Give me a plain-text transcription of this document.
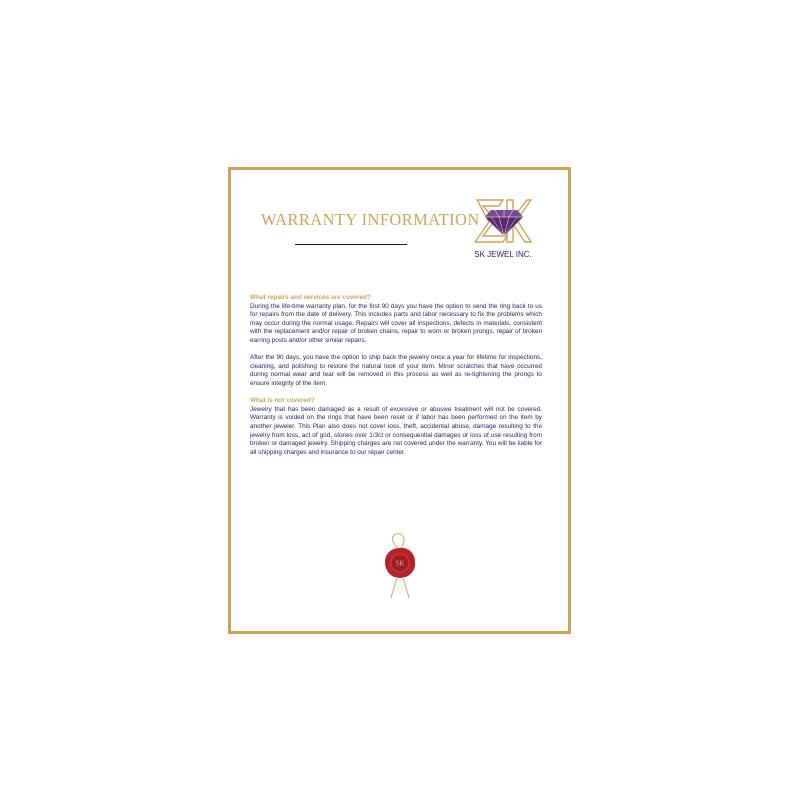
WARRANTY INFORMATION
SK JEWEL INC.
What repairs and services are covered?

During the life-time warranty plan, for the first 90 days you have the option to send the ring back to us for repairs from the date of delivery. This includes parts and labor necessary to fix the problems which may occur during the normal usage. Repairs will cover all inspections, defects in materials, consistent with the replacement and/or repair of broken chains, repair to worn or broken prongs, repair of broken earring posts and/or other similar repairs.

After the 90 days, you have the option to ship back the jewelry once a year for lifetime for inspections, cleaning, and polishing to restore the natural look of your item. Minor scratches that have occurred during normal wear and tear will be removed in this process as well as re-tightening the prongs to ensure integrity of the item.

What is not covered?

Jewelry that has been damaged as a result of excessive or abusive treatment will not be covered. Warranty is voided on the rings that have been reset or if labor has been performed on the item by another jeweler. This Plan also does not cover loss, theft, accidental abuse, damage resulting to the jewelry from loss, act of god, stones over 1/3ct or consequential damages or loss of use resulting from broken or damaged jewelry. Shipping charges are not covered under the warranty. You will be liable for all shipping charges and insurance to our repair center.

SK
